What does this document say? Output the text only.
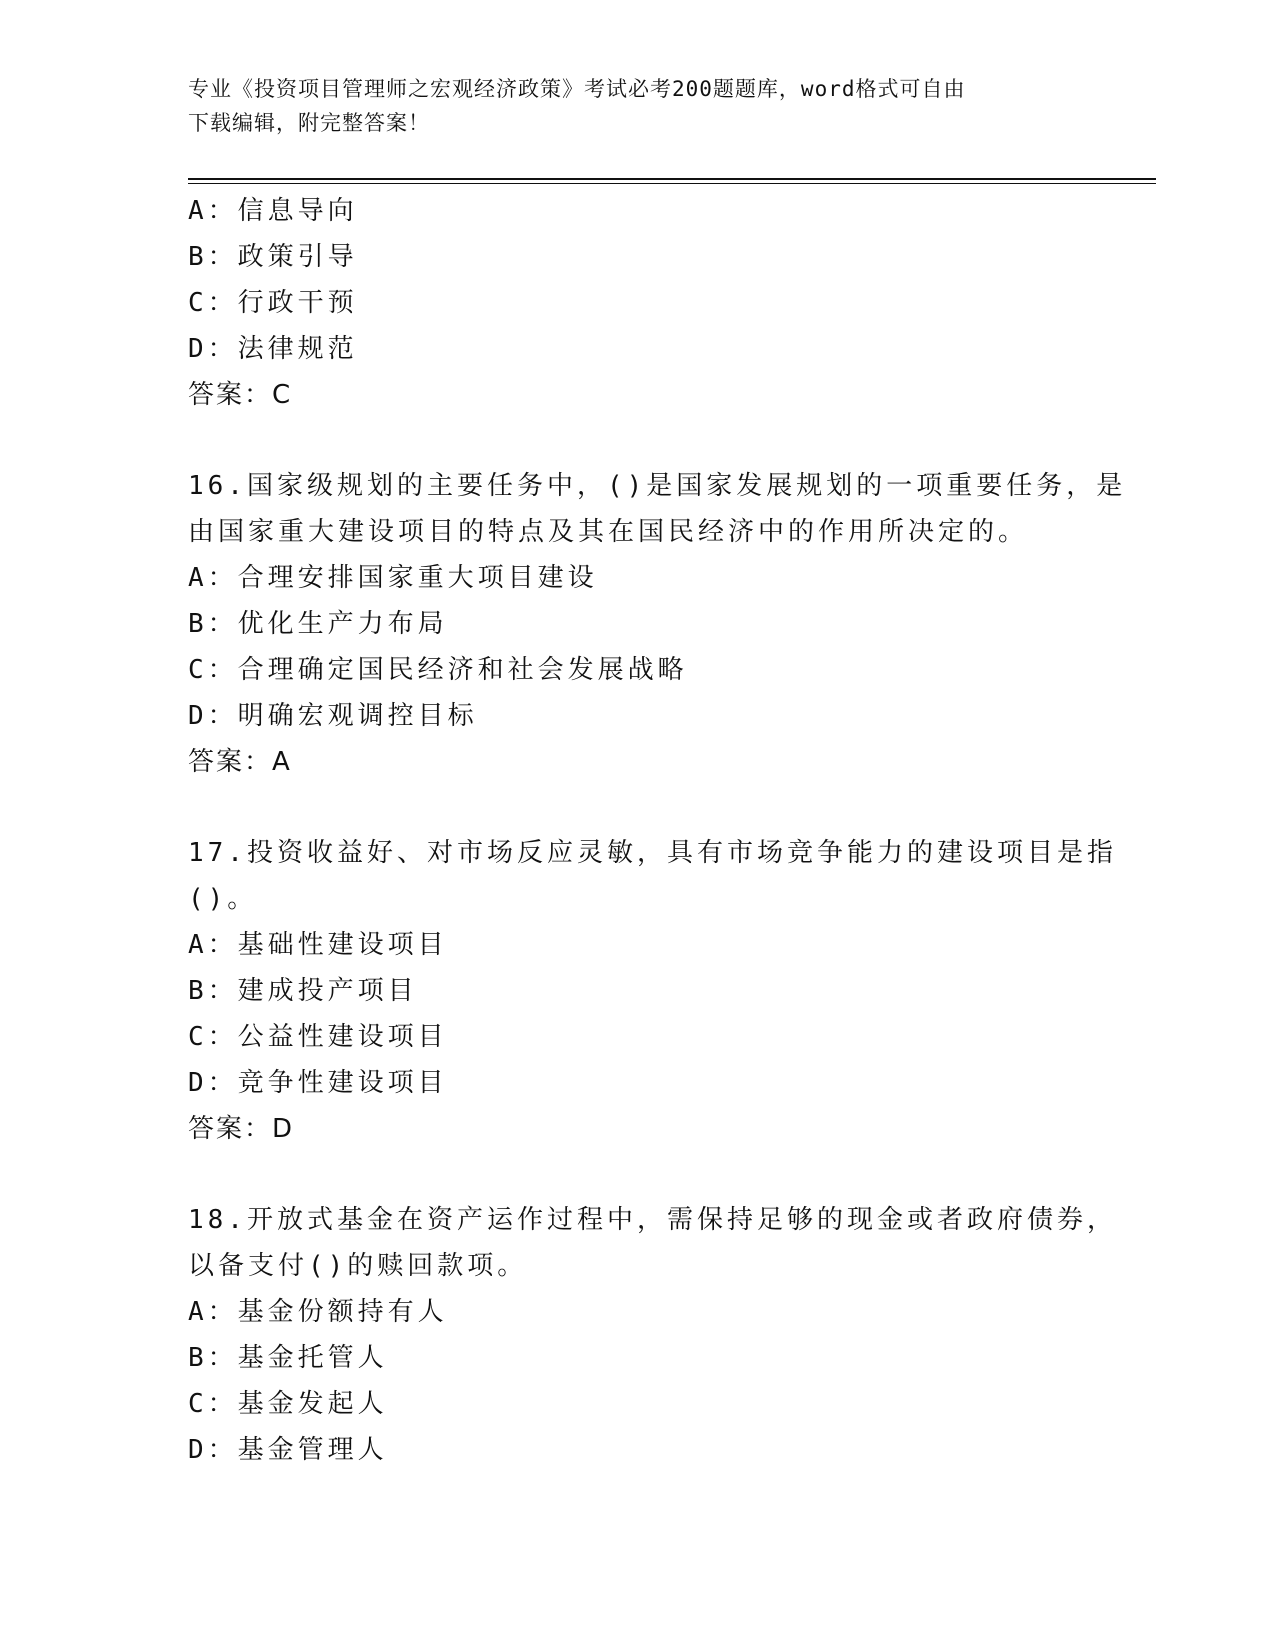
专业《投资项目管理师之宏观经济政策》考试必考200题题库，word格式可自由
下载编辑，附完整答案！
A：信息导向
B：政策引导
C：行政干预
D：法律规范
答案：C
16.国家级规划的主要任务中，()是国家发展规划的一项重要任务，是
由国家重大建设项目的特点及其在国民经济中的作用所决定的。
A：合理安排国家重大项目建设
B：优化生产力布局
C：合理确定国民经济和社会发展战略
D：明确宏观调控目标
答案：A
17.投资收益好、对市场反应灵敏，具有市场竞争能力的建设项目是指
()。
A：基础性建设项目
B：建成投产项目
C：公益性建设项目
D：竞争性建设项目
答案：D
18.开放式基金在资产运作过程中，需保持足够的现金或者政府债券，
以备支付()的赎回款项。
A：基金份额持有人
B：基金托管人
C：基金发起人
D：基金管理人
